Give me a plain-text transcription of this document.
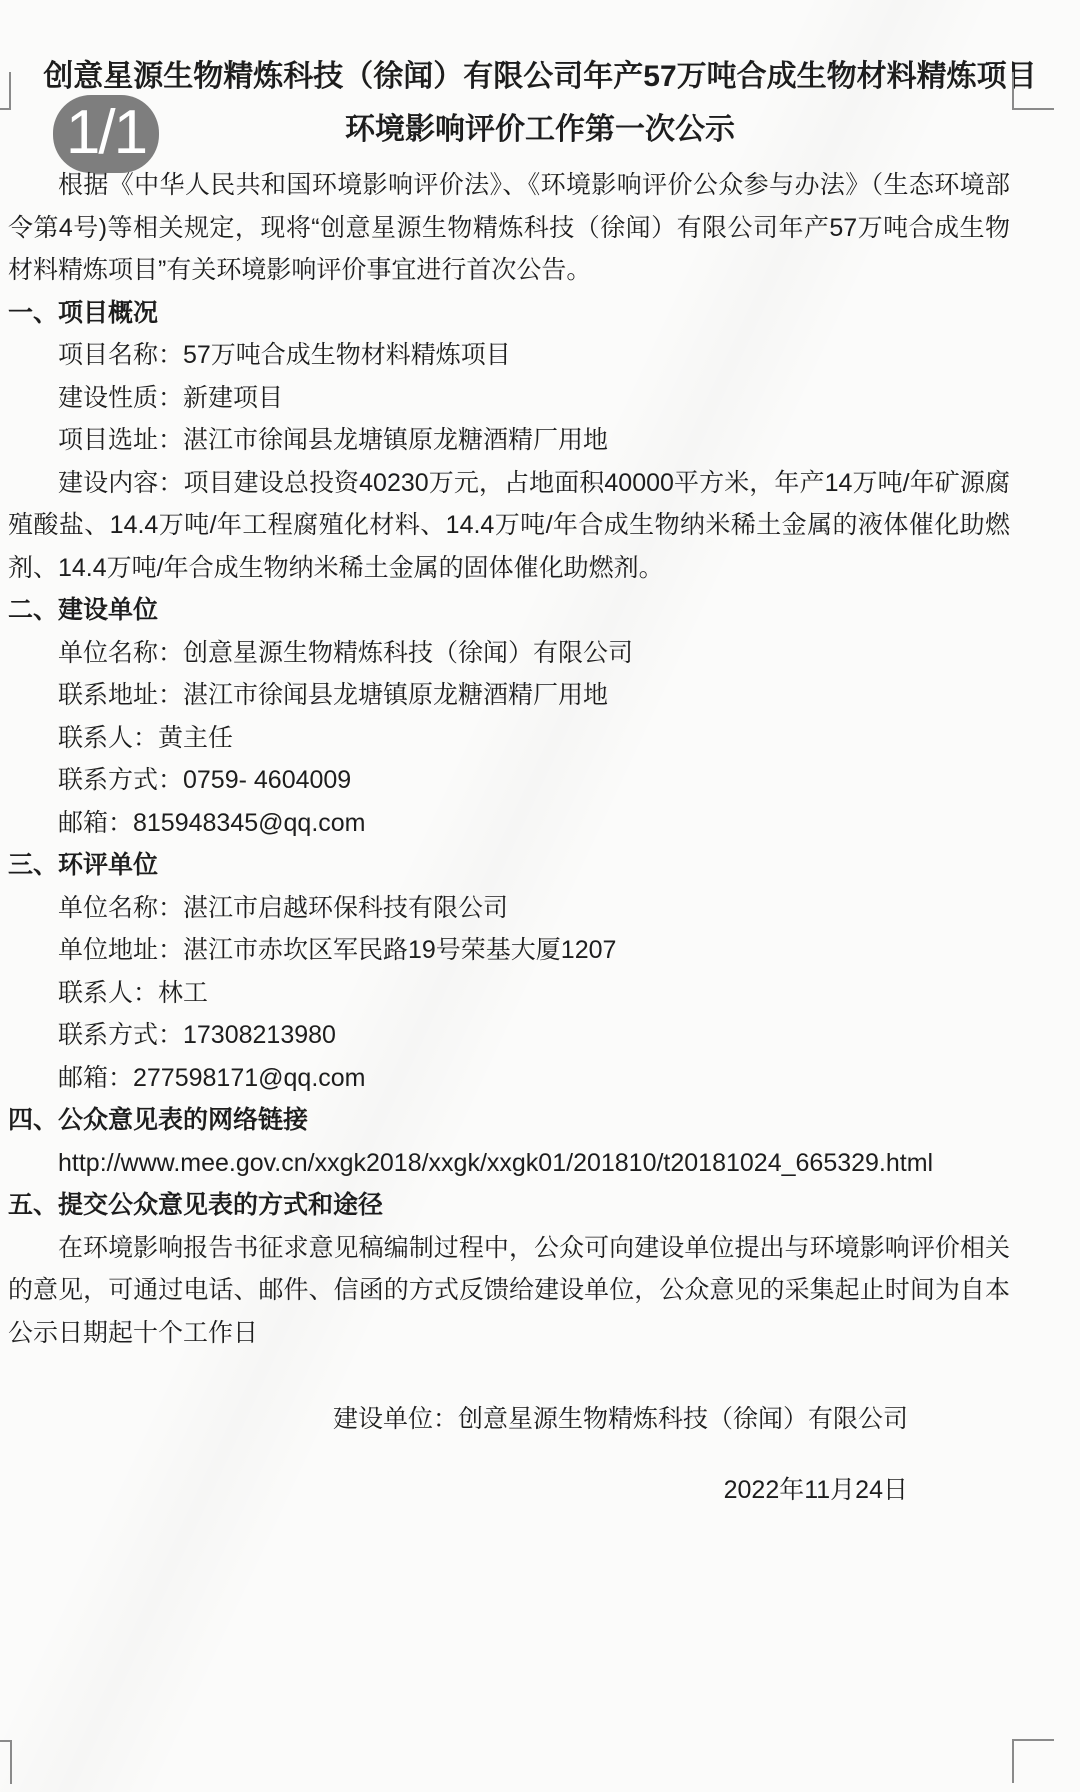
1/1
创意星源生物精炼科技（徐闻）有限公司年产57万吨合成生物材料精炼项目
环境影响评价工作第一次公示

根据《中华人民共和国环境影响评价法》、《环境影响评价公众参与办法》（生态环境部令第4号)等相关规定，现将“创意星源生物精炼科技（徐闻）有限公司年产57万吨合成生物材料精炼项目”有关环境影响评价事宜进行首次公告。

一、项目概况
项目名称：57万吨合成生物材料精炼项目
建设性质：新建项目
项目选址：湛江市徐闻县龙塘镇原龙糖酒精厂用地

建设内容：项目建设总投资40230万元，占地面积40000平方米，年产14万吨/年矿源腐殖酸盐、14.4万吨/年工程腐殖化材料、14.4万吨/年合成生物纳米稀土金属的液体催化助燃剂、14.4万吨/年合成生物纳米稀土金属的固体催化助燃剂。

二、建设单位
单位名称：创意星源生物精炼科技（徐闻）有限公司
联系地址：湛江市徐闻县龙塘镇原龙糖酒精厂用地
联系人：黄主任
联系方式：0759- 4604009
邮箱：815948345@qq.com
三、环评单位
单位名称：湛江市启越环保科技有限公司
单位地址：湛江市赤坎区军民路19号荣基大厦1207
联系人：林工
联系方式：17308213980
邮箱：277598171@qq.com
四、公众意见表的网络链接
http://www.mee.gov.cn/xxgk2018/xxgk/xxgk01/201810/t20181024_665329.html
五、提交公众意见表的方式和途径

在环境影响报告书征求意见稿编制过程中，公众可向建设单位提出与环境影响评价相关的意见，可通过电话、邮件、信函的方式反馈给建设单位，公众意见的采集起止时间为自本公示日期起十个工作日

建设单位：创意星源生物精炼科技（徐闻）有限公司
2022年11月24日
